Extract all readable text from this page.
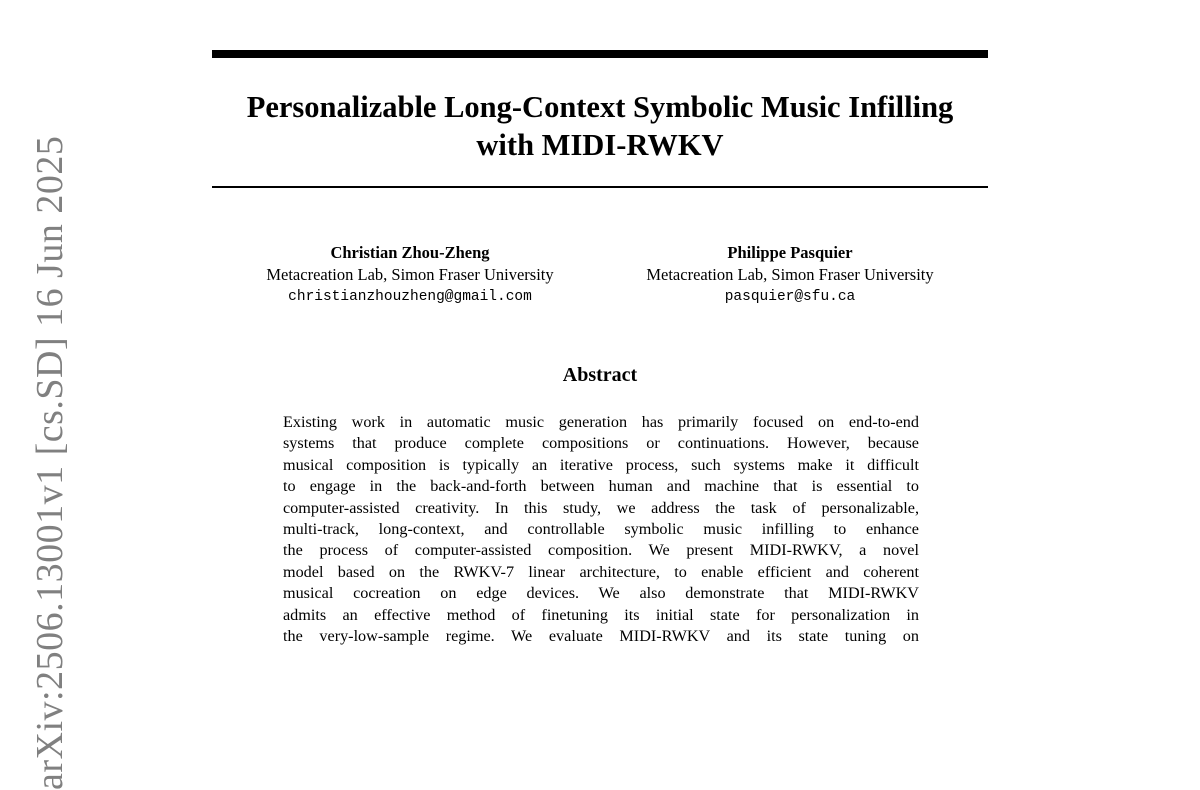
arXiv:2506.13001v1 [cs.SD] 16 Jun 2025
Personalizable Long-Context Symbolic Music Infilling
with MIDI-RWKV
Christian Zhou-Zheng
Metacreation Lab, Simon Fraser University
christianzhouzheng@gmail.com
Philippe Pasquier
Metacreation Lab, Simon Fraser University
pasquier@sfu.ca
Abstract
Existing work in automatic music generation has primarily focused on end-to-end
systems that produce complete compositions or continuations. However, because
musical composition is typically an iterative process, such systems make it difficult
to engage in the back-and-forth between human and machine that is essential to
computer-assisted creativity. In this study, we address the task of personalizable,
multi-track, long-context, and controllable symbolic music infilling to enhance
the process of computer-assisted composition. We present MIDI-RWKV, a novel
model based on the RWKV-7 linear architecture, to enable efficient and coherent
musical cocreation on edge devices. We also demonstrate that MIDI-RWKV
admits an effective method of finetuning its initial state for personalization in
the very-low-sample regime. We evaluate MIDI-RWKV and its state tuning on
